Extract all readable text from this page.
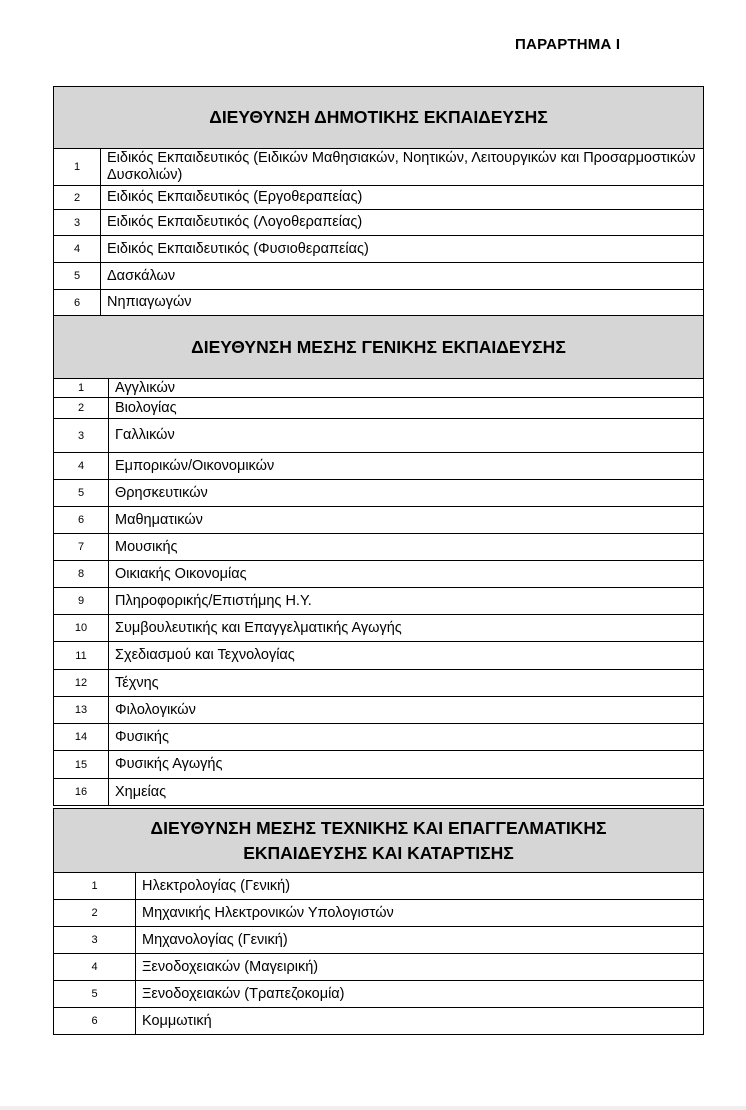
ΠΑΡΑΡΤΗΜΑ Ι
ΔΙΕΥΘΥΝΣΗ ΔΗΜΟΤΙΚΗΣ ΕΚΠΑΙΔΕΥΣΗΣ	
1	Ειδικός Εκπαιδευτικός (Ειδικών Μαθησιακών, Νοητικών, Λειτουργικών και Προσαρμοστικών Δυσκολιών)
2	Ειδικός Εκπαιδευτικός (Εργοθεραπείας)
3	Ειδικός Εκπαιδευτικός (Λογοθεραπείας)
4	Ειδικός Εκπαιδευτικός (Φυσιοθεραπείας)
5	Δασκάλων
6	Νηπιαγωγών
ΔΙΕΥΘΥΝΣΗ ΜΕΣΗΣ ΓΕΝΙΚΗΣ ΕΚΠΑΙΔΕΥΣΗΣ	
1	Αγγλικών
2	Βιολογίας
3	Γαλλικών
4	Εμπορικών/Οικονομικών
5	Θρησκευτικών
6	Μαθηματικών
7	Μουσικής
8	Οικιακής Οικονομίας
9	Πληροφορικής/Επιστήμης Η.Υ.
10	Συμβουλευτικής και Επαγγελματικής Αγωγής
11	Σχεδιασμού και Τεχνολογίας
12	Τέχνης
13	Φιλολογικών
14	Φυσικής
15	Φυσικής Αγωγής
16	Χημείας
ΔΙΕΥΘΥΝΣΗ ΜΕΣΗΣ ΤΕΧΝΙΚΗΣ ΚΑΙ ΕΠΑΓΓΕΛΜΑΤΙΚΗΣ
ΕΚΠΑΙΔΕΥΣΗΣ ΚΑΙ ΚΑΤΑΡΤΙΣΗΣ	

1	Ηλεκτρολογίας (Γενική)
2	Μηχανικής Ηλεκτρονικών Υπολογιστών
3	Μηχανολογίας (Γενική)
4	Ξενοδοχειακών (Μαγειρική)
5	Ξενοδοχειακών (Τραπεζοκομία)
6	Κομμωτική
